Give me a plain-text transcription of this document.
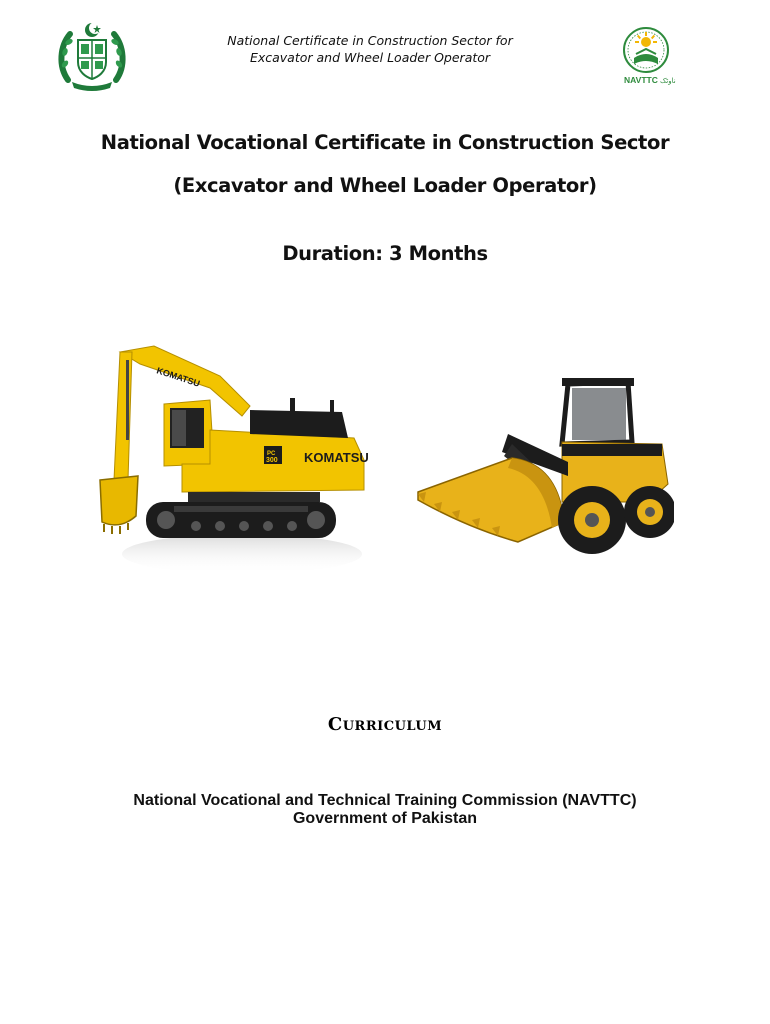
National Certificate in Construction Sector for
Excavator and Wheel Loader Operator
NAVTTC ناوٹک
National Vocational Certificate in Construction Sector
(Excavator and Wheel Loader Operator)
Duration: 3 Months
KOMATSU
PC
300 KOMATSU
Curriculum
National Vocational and Technical Training Commission (NAVTTC)
Government of Pakistan
